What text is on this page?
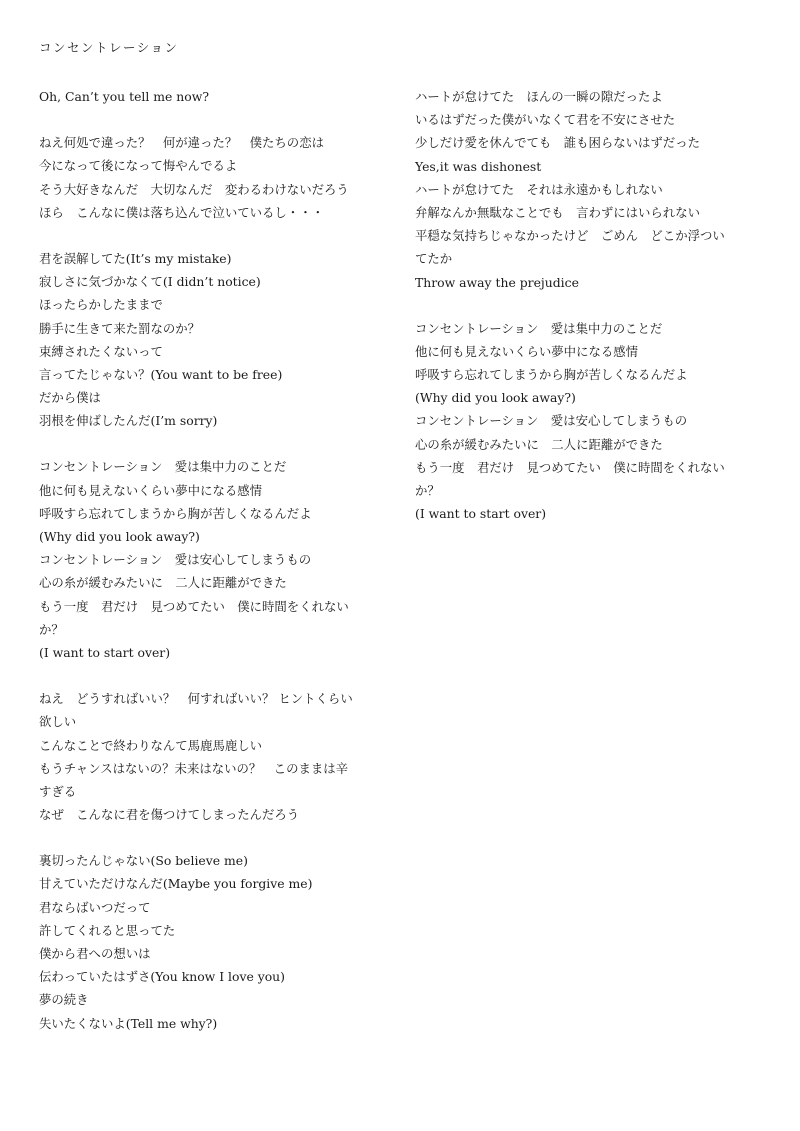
コンセントレーション
Oh, Can’t you tell me now?
ねえ何処で違った？　何が違った？　僕たちの恋は
今になって後になって悔やんでるよ
そう大好きなんだ　大切なんだ　変わるわけないだろう
ほら　こんなに僕は落ち込んで泣いているし・・・
君を誤解してた(It’s my mistake)
寂しさに気づかなくて(I didn’t notice)
ほったらかしたままで
勝手に生きて来た罰なのか？
束縛されたくないって
言ってたじゃない？(You want to be free)
だから僕は
羽根を伸ばしたんだ(I’m sorry)
コンセントレーション　愛は集中力のことだ
他に何も見えないくらい夢中になる感情
呼吸すら忘れてしまうから胸が苦しくなるんだよ
(Why did you look away?)
コンセントレーション　愛は安心してしまうもの
心の糸が緩むみたいに　二人に距離ができた
もう一度　君だけ　見つめてたい　僕に時間をくれない
か？
(I want to start over)
ねえ　どうすればいい？　何すればいい？ ヒントくらい
欲しい
こんなことで終わりなんて馬鹿馬鹿しい
もうチャンスはないの？未来はないの？　このままは辛
すぎる
なぜ　こんなに君を傷つけてしまったんだろう
裏切ったんじゃない(So believe me)
甘えていただけなんだ(Maybe you forgive me)
君ならばいつだって
許してくれると思ってた
僕から君への想いは
伝わっていたはずさ(You know I love you)
夢の続き
失いたくないよ(Tell me why?)
ハートが怠けてた　ほんの一瞬の隙だったよ
いるはずだった僕がいなくて君を不安にさせた
少しだけ愛を休んでても　誰も困らないはずだった
Yes,it was dishonest
ハートが怠けてた　それは永遠かもしれない
弁解なんか無駄なことでも　言わずにはいられない
平穏な気持ちじゃなかったけど　ごめん　どこか浮つい
てたか
Throw away the prejudice
コンセントレーション　愛は集中力のことだ
他に何も見えないくらい夢中になる感情
呼吸すら忘れてしまうから胸が苦しくなるんだよ
(Why did you look away?)
コンセントレーション　愛は安心してしまうもの
心の糸が緩むみたいに　二人に距離ができた
もう一度　君だけ　見つめてたい　僕に時間をくれない
か？
(I want to start over)
